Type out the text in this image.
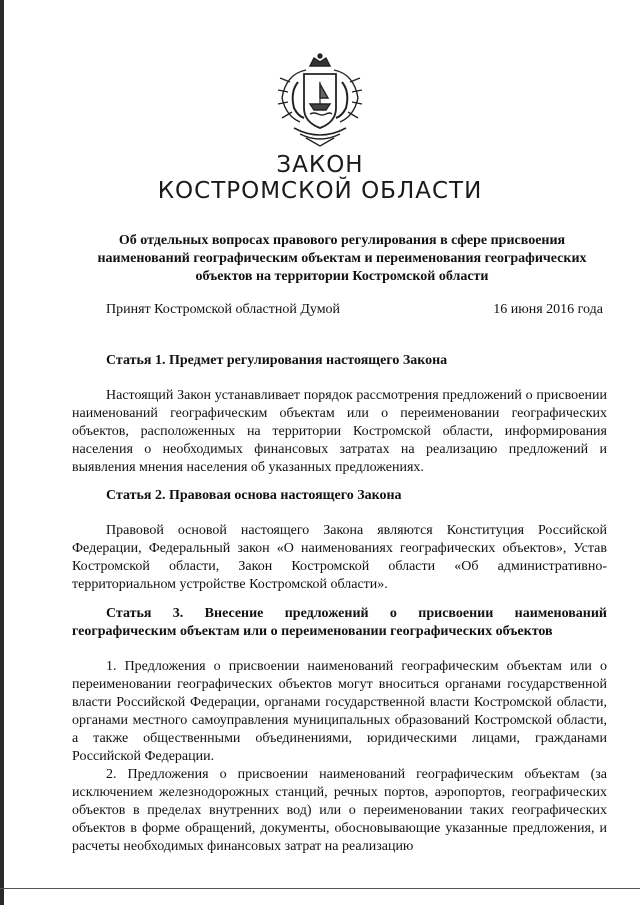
ЗАКОН
КОСТРОМСКОЙ ОБЛАСТИ
Об отдельных вопросах правового регулирования в сфере присвоения наименований географическим объектам и переименования географических объектов на территории Костромской области
Принят Костромской областной Думой	16 июня 2016 года
Статья 1. Предмет регулирования настоящего Закона
Настоящий Закон устанавливает порядок рассмотрения предложений о присвоении наименований географическим объектам или о переименовании географических объектов, расположенных на территории Костромской области, информирования населения о необходимых финансовых затратах на реализацию предложений и выявления мнения населения об указанных предложениях.
Статья 2. Правовая основа настоящего Закона
Правовой основой настоящего Закона являются Конституция Российской Федерации, Федеральный закон «О наименованиях географических объектов», Устав Костромской области, Закон Костромской области «Об административно-территориальном устройстве Костромской области».
Статья 3. Внесение предложений о присвоении наименований географическим объектам или о переименовании географических объектов
1. Предложения о присвоении наименований географическим объектам или о переименовании географических объектов могут вноситься органами государственной власти Российской Федерации, органами государственной власти Костромской области, органами местного самоуправления муниципальных образований Костромской области, а также общественными объединениями, юридическими лицами, гражданами Российской Федерации.
2. Предложения о присвоении наименований географическим объектам (за исключением железнодорожных станций, речных портов, аэропортов, географических объектов в пределах внутренних вод) или о переименовании таких географических объектов в форме обращений, документы, обосновывающие указанные предложения, и расчеты необходимых финансовых затрат на реализацию
